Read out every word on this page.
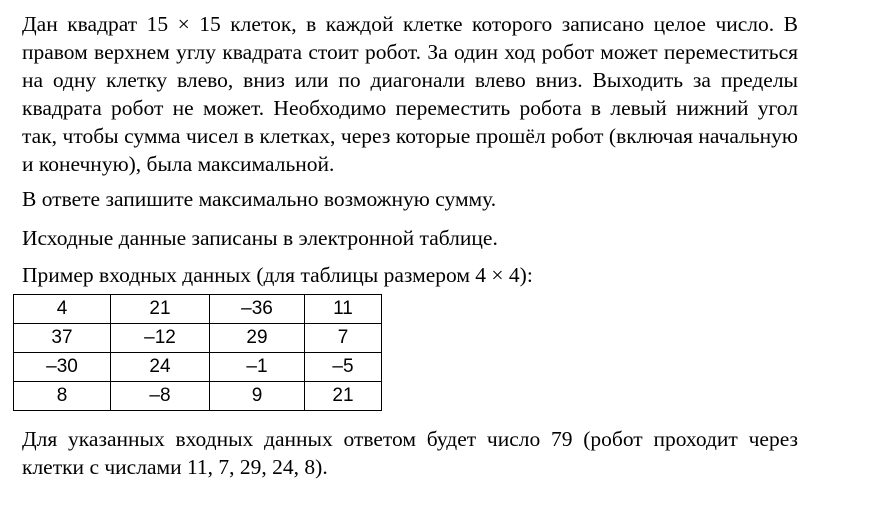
Дан квадрат 15 × 15 клеток, в каждой клетке которого записано целое число. В правом верхнем углу квадрата стоит робот. За один ход робот может переместиться на одну клетку влево, вниз или по диагонали влево вниз. Выходить за пределы квадрата робот не может. Необходимо переместить робота в левый нижний угол так, чтобы сумма чисел в клетках, через которые прошёл робот (включая начальную и конечную), была максимальной.

В ответе запишите максимально возможную сумму.

Исходные данные записаны в электронной таблице.

Пример входных данных (для таблицы размером 4 × 4):

4	21	–36	11
37	–12	29	7
–30	24	–1	–5
8	–8	9	21

Для указанных входных данных ответом будет число 79 (робот проходит через клетки с числами 11, 7, 29, 24, 8).
